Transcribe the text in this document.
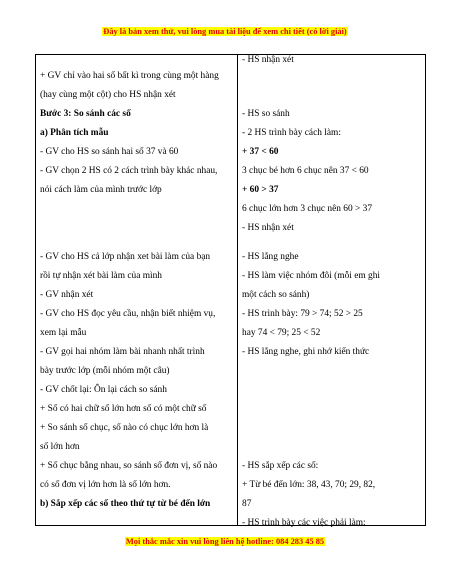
Đây là bản xem thử, vui lòng mua tài liệu để xem chi tiết (có lời giải)
+ GV chỉ vào hai số bất kì trong cùng một hàng
(hay cùng một cột) cho HS nhận xét
Bước 3: So sánh các số
a) Phân tích mẫu
- GV cho HS so sánh hai số 37 và 60
- GV chọn 2 HS có 2 cách trình bày khác nhau,
nói cách làm của mình trước lớp
- GV cho HS cả lớp nhận xet bài làm của bạn
rồi tự nhận xét bài làm của mình
- GV nhận xét
- GV cho HS đọc yêu cầu, nhận biết nhiệm vụ,
xem lại mẫu
- GV gọi hai nhóm làm bài nhanh nhất trình
bày trước lớp (mỗi nhóm một câu)
- GV chốt lại: Ôn lại cách so sánh
+ Số có hai chữ số lớn hơn số có một chữ số
+ So sánh số chục, số nào có chục lớn hơn là
số lớn hơn
+ Số chục bằng nhau, so sánh số đơn vị, số nào
có số đơn vị lớn hơn là số lớn hơn.
b) Sắp xếp các số theo thứ tự từ bé đến lớn
- HS nhận xét
- HS so sánh
- 2 HS trình bày cách làm:
+ 37 < 60
3 chục bé hơn 6 chục nên 37 < 60
+ 60 > 37
6 chục lớn hơn 3 chục nên 60 > 37
- HS nhận xét
- HS lắng nghe
- HS làm việc nhóm đôi (mỗi em ghi
một cách so sánh)
- HS trình bày: 79 > 74; 52 > 25
hay 74 < 79; 25 < 52
- HS lắng nghe, ghi nhớ kiến thức
- HS sắp xếp các số:
+ Từ bé đến lớn: 38, 43, 70; 29, 82,
87
- HS trình bày các việc phải làm:
Mọi thắc mắc xin vui lòng liên hệ hotline: 084 283 45 85
